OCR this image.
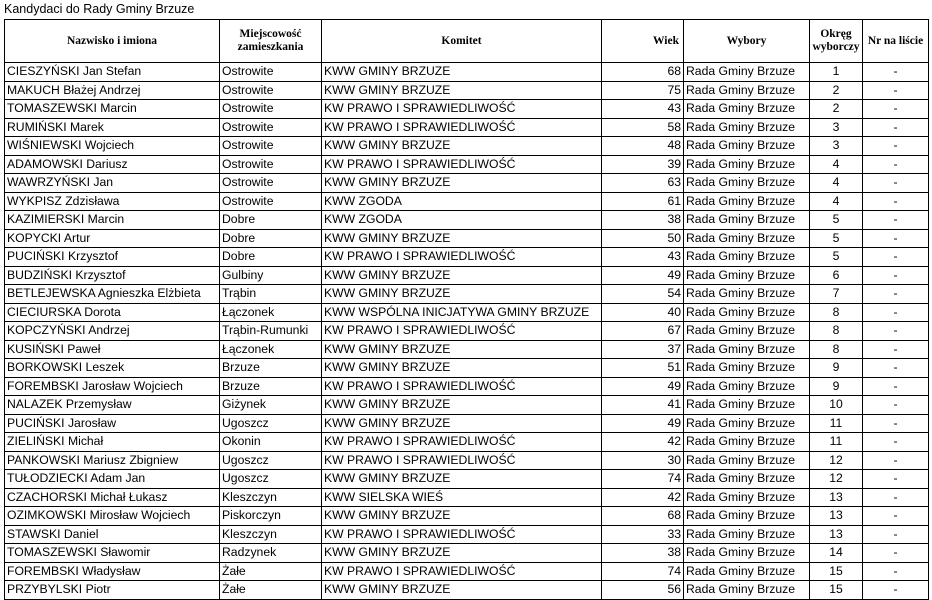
Kandydaci do Rady Gminy Brzuze
Nazwisko i imiona	Miejscowość zamieszkania	Komitet	Wiek	Wybory	Okręg wyborczy	Nr na liście
CIESZYŃSKI Jan Stefan	Ostrowite	KWW GMINY BRZUZE	68	Rada Gminy Brzuze	1	-
MAKUCH Błażej Andrzej	Ostrowite	KWW GMINY BRZUZE	75	Rada Gminy Brzuze	2	-
TOMASZEWSKI Marcin	Ostrowite	KW PRAWO I SPRAWIEDLIWOŚĆ	43	Rada Gminy Brzuze	2	-
RUMIŃSKI Marek	Ostrowite	KW PRAWO I SPRAWIEDLIWOŚĆ	58	Rada Gminy Brzuze	3	-
WIŚNIEWSKI Wojciech	Ostrowite	KWW GMINY BRZUZE	48	Rada Gminy Brzuze	3	-
ADAMOWSKI Dariusz	Ostrowite	KW PRAWO I SPRAWIEDLIWOŚĆ	39	Rada Gminy Brzuze	4	-
WAWRZYŃSKI Jan	Ostrowite	KWW GMINY BRZUZE	63	Rada Gminy Brzuze	4	-
WYKPISZ Zdzisława	Ostrowite	KWW ZGODA	61	Rada Gminy Brzuze	4	-
KAZIMIERSKI Marcin	Dobre	KWW ZGODA	38	Rada Gminy Brzuze	5	-
KOPYCKI Artur	Dobre	KWW GMINY BRZUZE	50	Rada Gminy Brzuze	5	-
PUCIŃSKI Krzysztof	Dobre	KW PRAWO I SPRAWIEDLIWOŚĆ	43	Rada Gminy Brzuze	5	-
BUDZIŃSKI Krzysztof	Gulbiny	KWW GMINY BRZUZE	49	Rada Gminy Brzuze	6	-
BETLEJEWSKA Agnieszka Elżbieta	Trąbin	KWW GMINY BRZUZE	54	Rada Gminy Brzuze	7	-
CIECIURSKA Dorota	Łączonek	KWW WSPÓLNA INICJATYWA GMINY BRZUZE	40	Rada Gminy Brzuze	8	-
KOPCZYŃSKI Andrzej	Trąbin-Rumunki	KW PRAWO I SPRAWIEDLIWOŚĆ	67	Rada Gminy Brzuze	8	-
KUSIŃSKI Paweł	Łączonek	KWW GMINY BRZUZE	37	Rada Gminy Brzuze	8	-
BORKOWSKI Leszek	Brzuze	KWW GMINY BRZUZE	51	Rada Gminy Brzuze	9	-
FOREMBSKI Jarosław Wojciech	Brzuze	KW PRAWO I SPRAWIEDLIWOŚĆ	49	Rada Gminy Brzuze	9	-
NALAZEK Przemysław	Giżynek	KWW GMINY BRZUZE	41	Rada Gminy Brzuze	10	-
PUCIŃSKI Jarosław	Ugoszcz	KWW GMINY BRZUZE	49	Rada Gminy Brzuze	11	-
ZIELIŃSKI Michał	Okonin	KW PRAWO I SPRAWIEDLIWOŚĆ	42	Rada Gminy Brzuze	11	-
PANKOWSKI Mariusz Zbigniew	Ugoszcz	KW PRAWO I SPRAWIEDLIWOŚĆ	30	Rada Gminy Brzuze	12	-
TUŁODZIECKI Adam Jan	Ugoszcz	KWW GMINY BRZUZE	74	Rada Gminy Brzuze	12	-
CZACHORSKI Michał Łukasz	Kleszczyn	KWW SIELSKA WIEŚ	42	Rada Gminy Brzuze	13	-
OZIMKOWSKI Mirosław Wojciech	Piskorczyn	KWW GMINY BRZUZE	68	Rada Gminy Brzuze	13	-
STAWSKI Daniel	Kleszczyn	KW PRAWO I SPRAWIEDLIWOŚĆ	33	Rada Gminy Brzuze	13	-
TOMASZEWSKI Sławomir	Radzynek	KWW GMINY BRZUZE	38	Rada Gminy Brzuze	14	-
FOREMBSKI Władysław	Żałe	KW PRAWO I SPRAWIEDLIWOŚĆ	74	Rada Gminy Brzuze	15	-
PRZYBYLSKI Piotr	Żałe	KWW GMINY BRZUZE	56	Rada Gminy Brzuze	15	-
